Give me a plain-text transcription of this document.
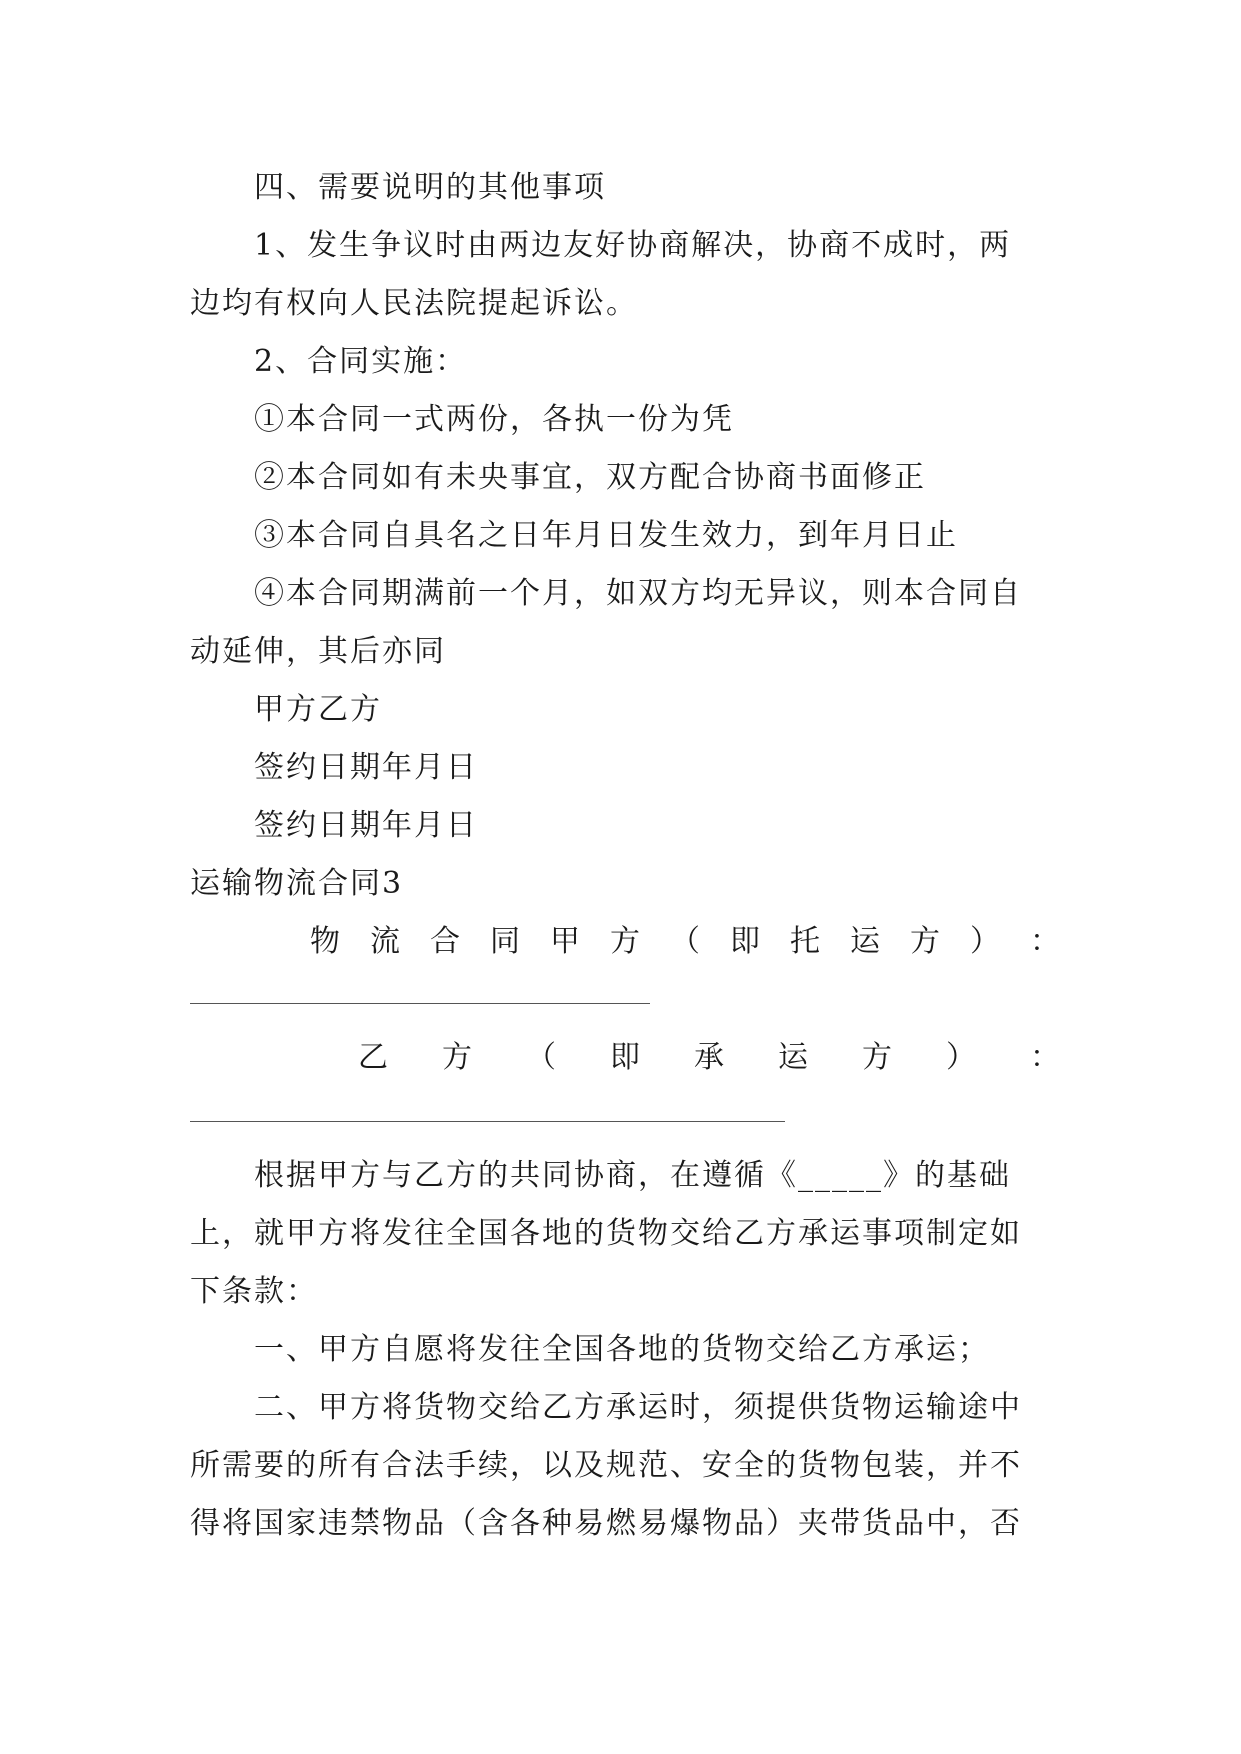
四、需要说明的其他事项
1、发生争议时由两边友好协商解决，协商不成时，两
边均有权向人民法院提起诉讼。
2、合同实施：
①本合同一式两份，各执一份为凭
②本合同如有未央事宜，双方配合协商书面修正
③本合同自具名之日年月日发生效力，到年月日止
④本合同期满前一个月，如双方均无异议，则本合同自
动延伸，其后亦同
甲方乙方
签约日期年月日
签约日期年月日
运输物流合同3
物 流 合 同 甲 方 （ 即 托 运 方 ） ：
乙 方 （ 即 承 运 方 ） ：
根据甲方与乙方的共同协商，在遵循《_____》的基础
上，就甲方将发往全国各地的货物交给乙方承运事项制定如
下条款：
一、甲方自愿将发往全国各地的货物交给乙方承运；
二、甲方将货物交给乙方承运时，须提供货物运输途中
所需要的所有合法手续，以及规范、安全的货物包装，并不
得将国家违禁物品（含各种易燃易爆物品）夹带货品中，否
